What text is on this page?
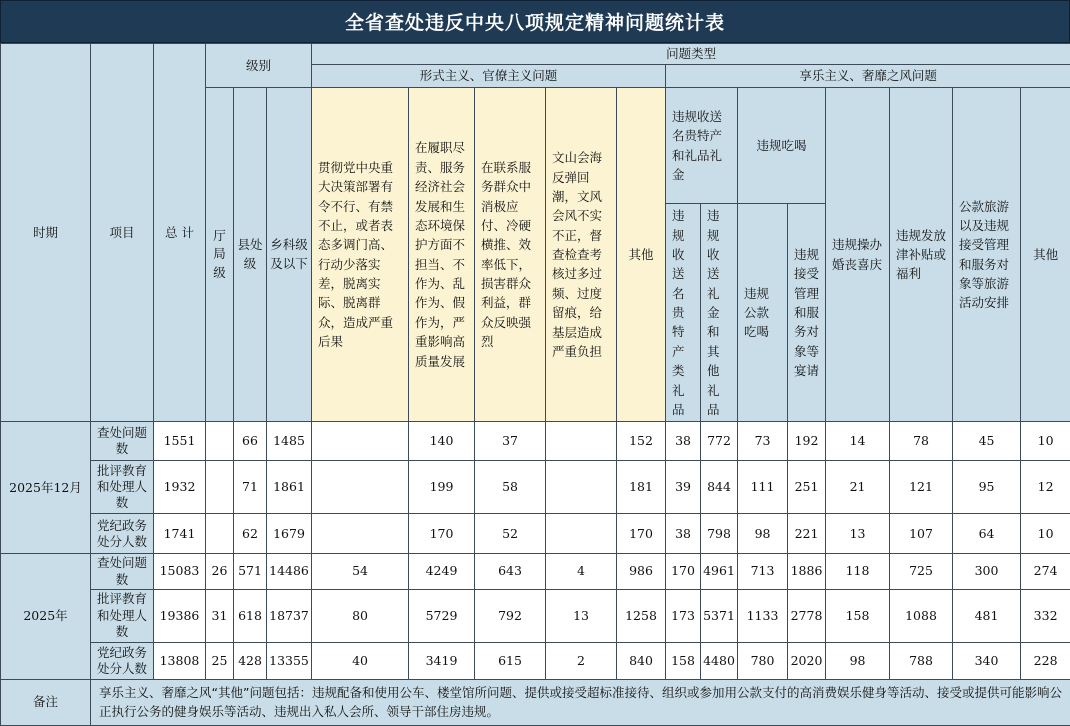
全省查处违反中央八项规定精神问题统计表
时期	项目	总 计	级别			问题类型												
						形式主义、官僚主义问题					享乐主义、奢靡之风问题							
			厅局级	县处级	乡科级及以下	贯彻党中央重大决策部署有令不行、有禁不止，或者表态多调门高、行动少落实差，脱离实际、脱离群众，造成严重后果	在履职尽责、服务经济社会发展和生态环境保护方面不担当、不作为、乱作为、假作为，严重影响高质量发展	在联系服务群众中消极应付、冷硬横推、效率低下，损害群众利益，群众反映强烈	文山会海反弹回潮，文风会风不实不正，督查检查考核过多过频、过度留痕，给基层造成严重负担	其他	违规收送名贵特产和礼品礼金		违规吃喝		违规操办婚丧喜庆	违规发放津补贴或福利	公款旅游以及违规接受管理和服务对象等旅游活动安排	其他

											违规收送名贵特产类礼品	违规收送礼金和其他礼品	违规公款吃喝	违规接受管理和服务对象等宴请				
2025年12月	查处问题数	1551		66	1485		140	37		152	38	772	73	192	14	78	45	10
	批评教育和处理人数	1932		71	1861		199	58		181	39	844	111	251	21	121	95	12
	党纪政务处分人数	1741		62	1679		170	52		170	38	798	98	221	13	107	64	10
2025年	查处问题数	15083	26	571	14486	54	4249	643	4	986	170	4961	713	1886	118	725	300	274
	批评教育和处理人数	19386	31	618	18737	80	5729	792	13	1258	173	5371	1133	2778	158	1088	481	332
	党纪政务处分人数	13808	25	428	13355	40	3419	615	2	840	158	4480	780	2020	98	788	340	228
备注	享乐主义、奢靡之风“其他”问题包括：违规配备和使用公车、楼堂馆所问题、提供或接受超标准接待、组织或参加用公款支付的高消费娱乐健身等活动、接受或提供可能影响公正执行公务的健身娱乐等活动、违规出入私人会所、领导干部住房违规。																	
